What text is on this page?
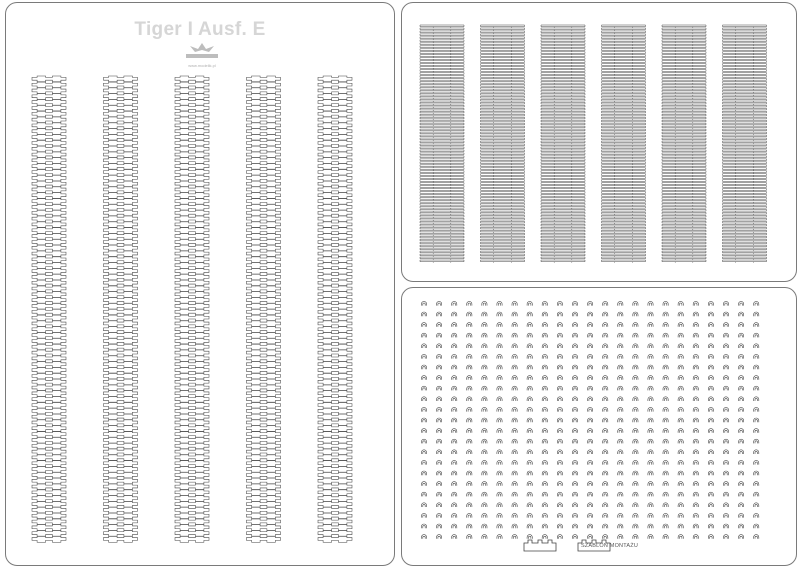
Tiger I Ausf. E
www.modelik.pl
SZABLON MONTAŻU
